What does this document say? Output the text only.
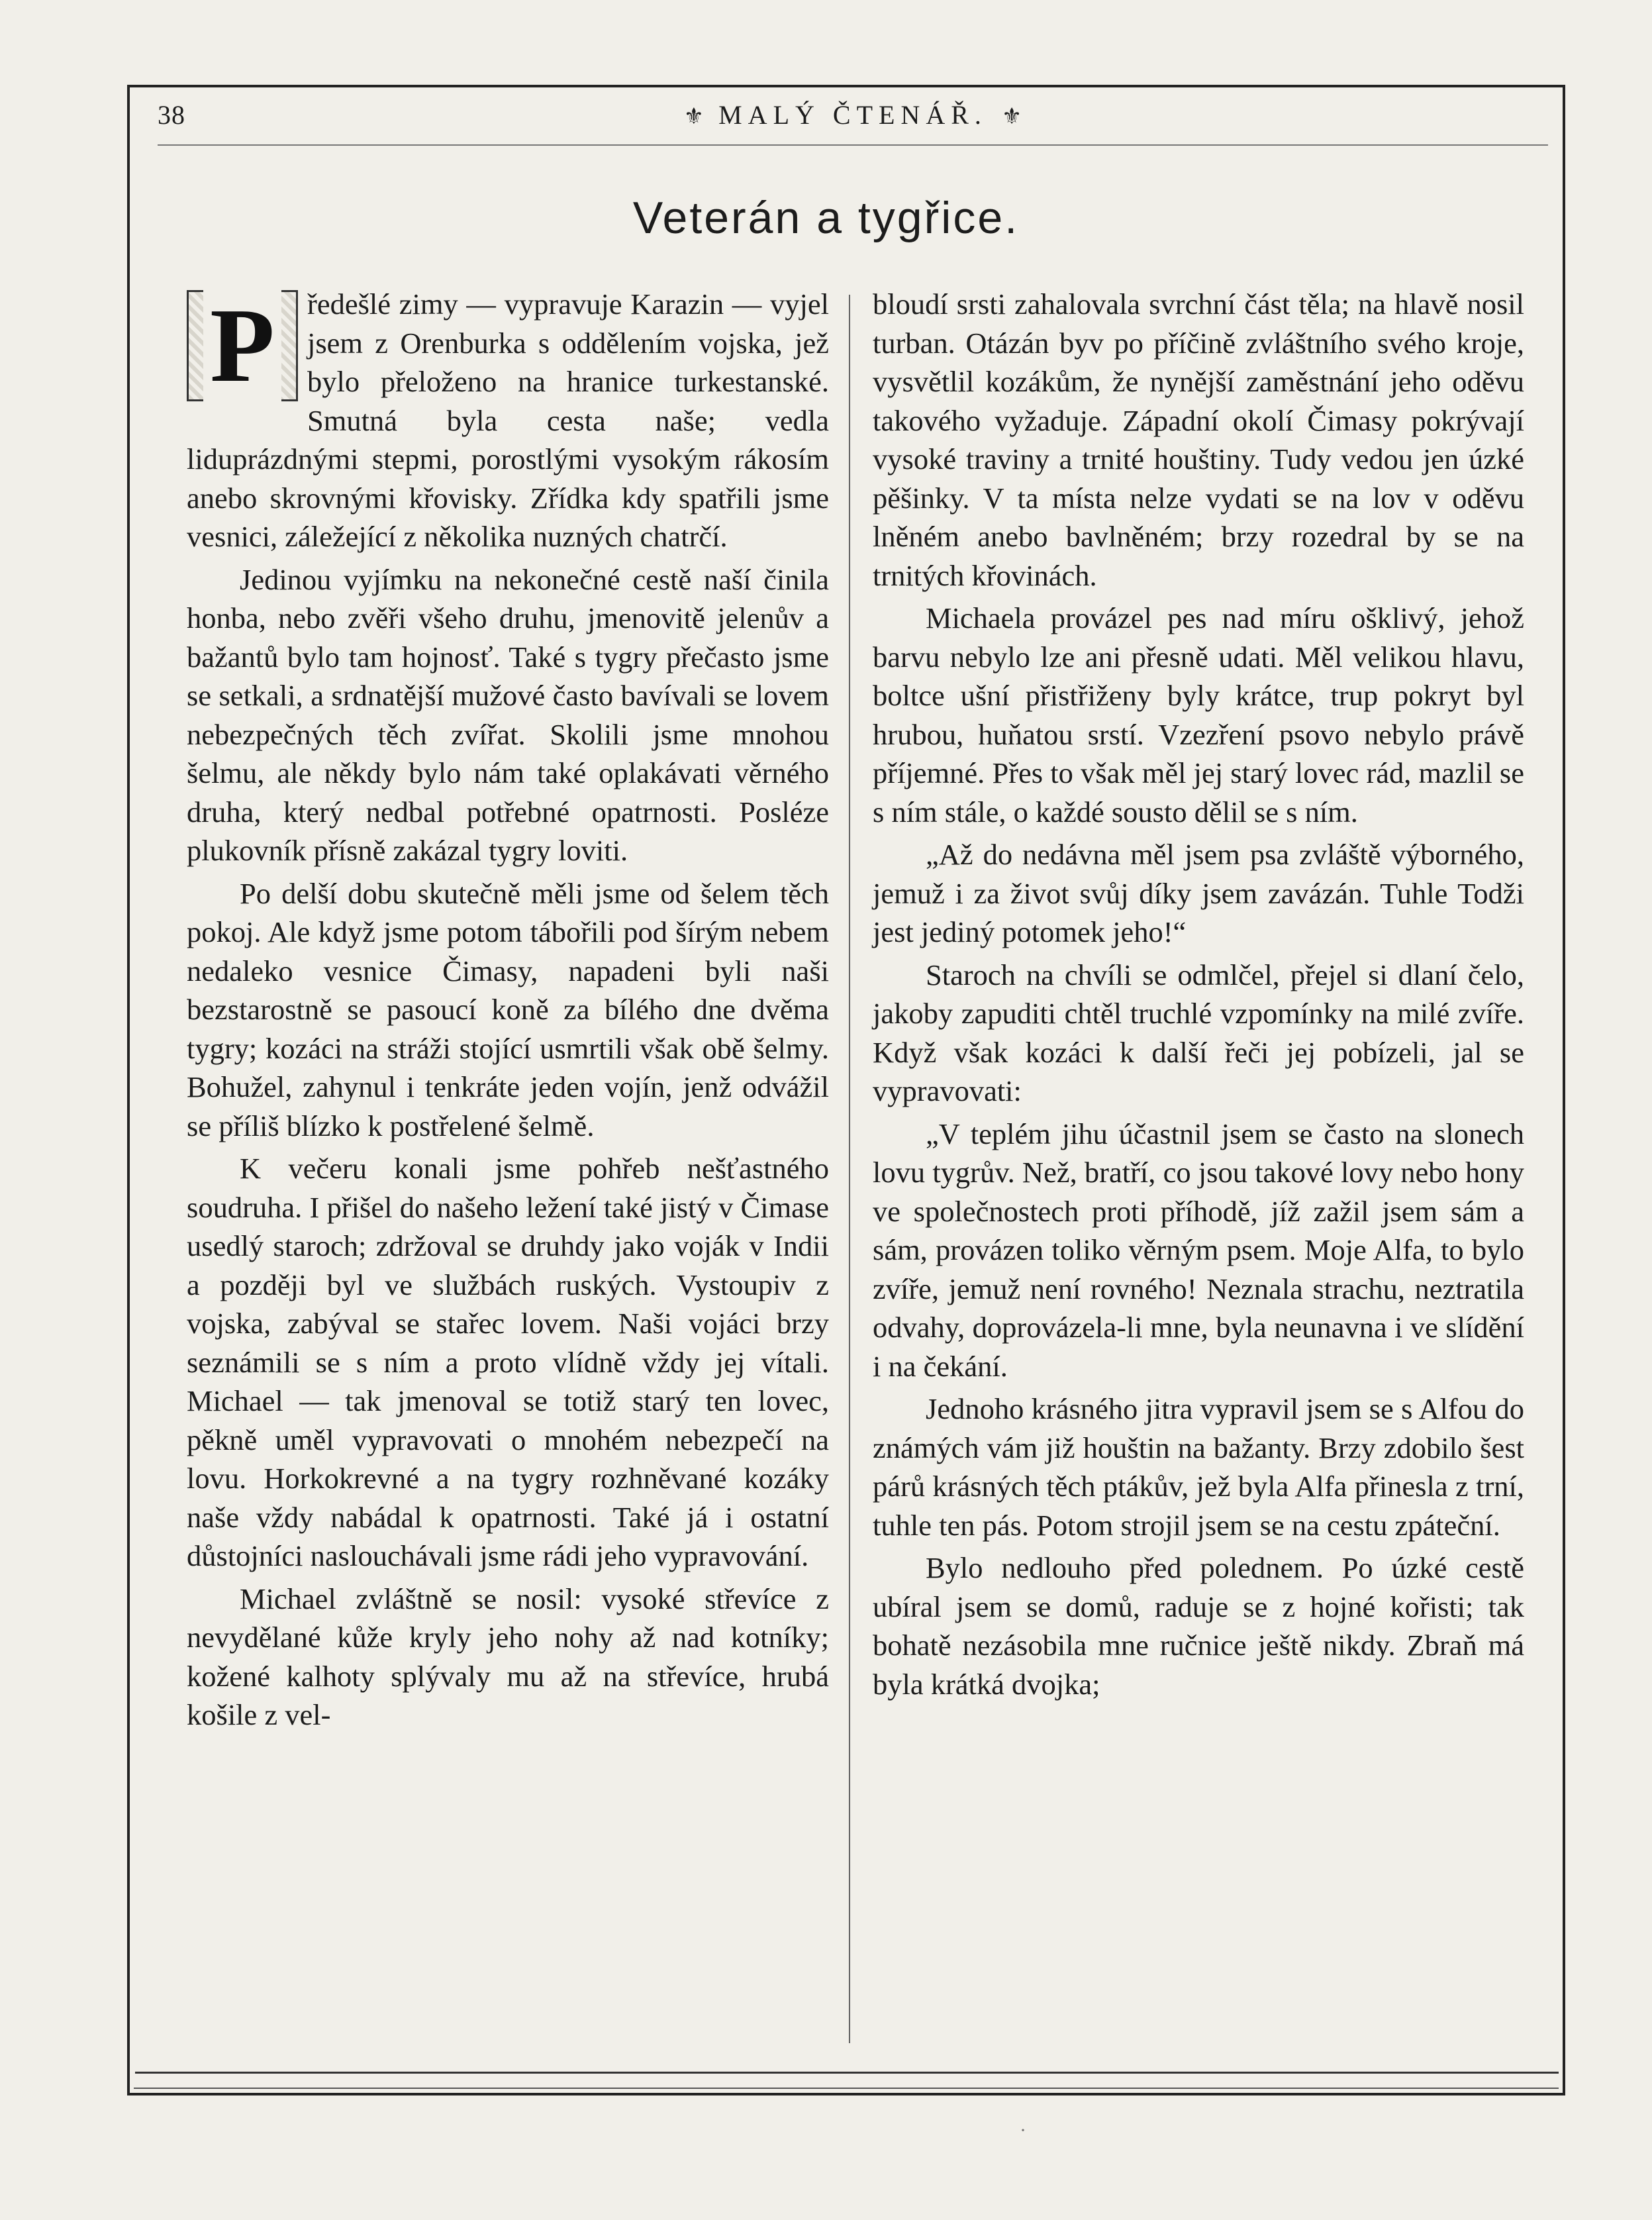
38	⚜ MALÝ ČTENÁŘ. ⚜
Veterán a tygřice.

P	ředešlé zimy — vypravuje Karazin — vyjel jsem z Orenburka s oddělením vojska, jež bylo přeloženo na hranice turkestanské. Smutná byla cesta naše; vedla liduprázdnými stepmi, porostlými vysokým rákosím anebo skrovnými křovisky. Zřídka kdy spatřili jsme vesnici, záležející z několika nuzných chatrčí.

Jedinou vyjímku na nekonečné cestě naší činila honba, nebo zvěři všeho druhu, jmenovitě jelenův a bažantů bylo tam hojnosť. Také s tygry přečasto jsme se setkali, a srdnatější mužové často bavívali se lovem nebezpečných těch zvířat. Skolili jsme mnohou šelmu, ale někdy bylo nám také oplakávati věrného druha, který nedbal potřebné opatrnosti. Posléze plukovník přísně zakázal tygry loviti.

Po delší dobu skutečně měli jsme od šelem těch pokoj. Ale když jsme potom tábořili pod šírým nebem nedaleko vesnice Čimasy, napadeni byli naši bezstarostně se pasoucí koně za bílého dne dvěma tygry; kozáci na stráži stojící usmrtili však obě šelmy. Bohužel, zahynul i tenkráte jeden vojín, jenž odvážil se příliš blízko k postřelené šelmě.

K večeru konali jsme pohřeb nešťastného soudruha. I přišel do našeho ležení také jistý v Čimase usedlý staroch; zdržoval se druhdy jako voják v Indii a později byl ve službách ruských. Vystoupiv z vojska, zabýval se stařec lovem. Naši vojáci brzy seznámili se s ním a proto vlídně vždy jej vítali. Michael — tak jmenoval se totiž starý ten lovec, pěkně uměl vypravovati o mnohém nebezpečí na lovu. Horkokrevné a na tygry rozhněvané kozáky naše vždy nabádal k opatrnosti. Také já i ostatní důstojníci naslouchávali jsme rádi jeho vypravování.

Michael zvláštně se nosil: vysoké střevíce z nevydělané kůže kryly jeho nohy až nad kotníky; kožené kalhoty splývaly mu až na střevíce, hrubá košile z vel-

bloudí srsti zahalovala svrchní část těla; na hlavě nosil turban. Otázán byv po příčině zvláštního svého kroje, vysvětlil kozákům, že nynější zaměstnání jeho oděvu takového vyžaduje. Západní okolí Čimasy pokrývají vysoké traviny a trnité houštiny. Tudy vedou jen úzké pěšinky. V ta místa nelze vydati se na lov v oděvu lněném anebo bavlněném; brzy rozedral by se na trnitých křovinách.

Michaela provázel pes nad míru ošklivý, jehož barvu nebylo lze ani přesně udati. Měl velikou hlavu, boltce ušní přistřiženy byly krátce, trup pokryt byl hrubou, huňatou srstí. Vzezření psovo nebylo právě příjemné. Přes to však měl jej starý lovec rád, mazlil se s ním stále, o každé sousto dělil se s ním.

„Až do nedávna měl jsem psa zvláště výborného, jemuž i za život svůj díky jsem zavázán. Tuhle Todži jest jediný potomek jeho!“

Staroch na chvíli se odmlčel, přejel si dlaní čelo, jakoby zapuditi chtěl truchlé vzpomínky na milé zvíře. Když však kozáci k další řeči jej pobízeli, jal se vypravovati:

„V teplém jihu účastnil jsem se často na slonech lovu tygrův. Než, bratří, co jsou takové lovy nebo hony ve společnostech proti příhodě, jíž zažil jsem sám a sám, provázen toliko věrným psem. Moje Alfa, to bylo zvíře, jemuž není rovného! Neznala strachu, neztratila odvahy, doprovázela-li mne, byla neunavna i ve slídění i na čekání.

Jednoho krásného jitra vypravil jsem se s Alfou do známých vám již houštin na bažanty. Brzy zdobilo šest párů krásných těch ptákův, jež byla Alfa přinesla z trní, tuhle ten pás. Potom strojil jsem se na cestu zpáteční.

Bylo nedlouho před polednem. Po úzké cestě ubíral jsem se domů, raduje se z hojné kořisti; tak bohatě nezásobila mne ručnice ještě nikdy. Zbraň má byla krátká dvojka;

·
